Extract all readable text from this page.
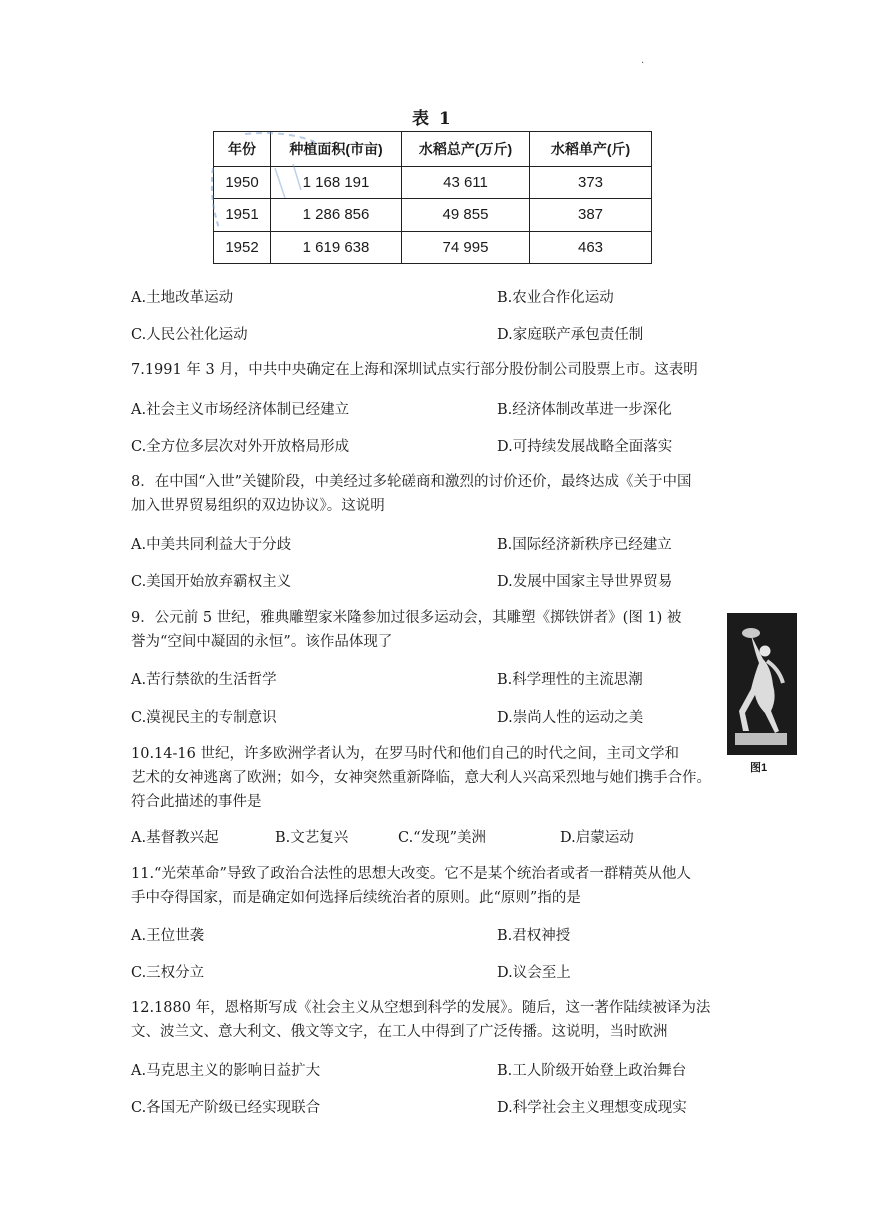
·
表 1
年份	种植面积(市亩)	水稻总产(万斤)	水稻单产(斤)
1950	1 168 191	43 611	373
1951	1 286 856	49 855	387
1952	1 619 638	74 995	463
A.土地改革运动	B.农业合作化运动
C.人民公社化运动	D.家庭联产承包责任制
7.1991 年 3 月，中共中央确定在上海和深圳试点实行部分股份制公司股票上市。这表明
A.社会主义市场经济体制已经建立	B.经济体制改革进一步深化
C.全方位多层次对外开放格局形成	D.可持续发展战略全面落实
8．在中国“入世”关键阶段，中美经过多轮磋商和激烈的讨价还价，最终达成《关于中国
加入世界贸易组织的双边协议》。这说明
A.中美共同利益大于分歧	B.国际经济新秩序已经建立
C.美国开始放弃霸权主义	D.发展中国家主导世界贸易
9．公元前 5 世纪，雅典雕塑家米隆参加过很多运动会，其雕塑《掷铁饼者》(图 1) 被
誉为“空间中凝固的永恒”。该作品体现了
A.苦行禁欲的生活哲学	B.科学理性的主流思潮
C.漠视民主的专制意识	D.崇尚人性的运动之美
图1
10.14-16 世纪，许多欧洲学者认为，在罗马时代和他们自己的时代之间，主司文学和
艺术的女神逃离了欧洲；如今，女神突然重新降临，意大利人兴高采烈地与她们携手合作。
符合此描述的事件是
A.基督教兴起	B.文艺复兴	C.“发现”美洲	D.启蒙运动
11.“光荣革命”导致了政治合法性的思想大改变。它不是某个统治者或者一群精英从他人
手中夺得国家，而是确定如何选择后续统治者的原则。此“原则”指的是
A.王位世袭	B.君权神授
C.三权分立	D.议会至上
12.1880 年，恩格斯写成《社会主义从空想到科学的发展》。随后，这一著作陆续被译为法
文、波兰文、意大利文、俄文等文字，在工人中得到了广泛传播。这说明，当时欧洲
A.马克思主义的影响日益扩大	B.工人阶级开始登上政治舞台
C.各国无产阶级已经实现联合	D.科学社会主义理想变成现实
